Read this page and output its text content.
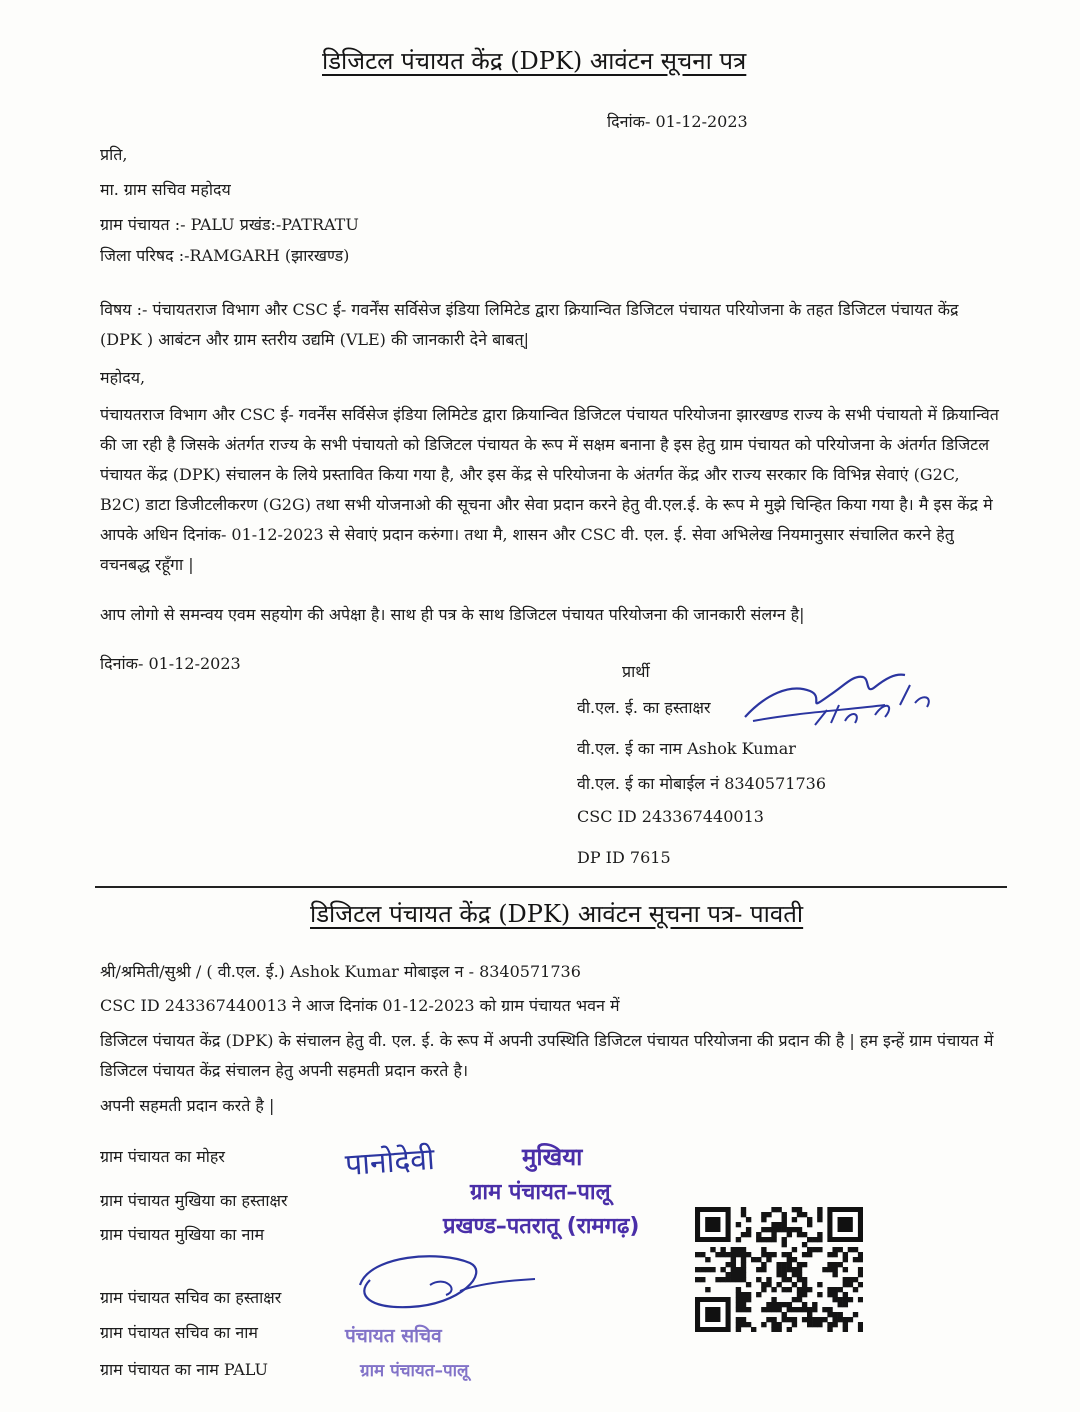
डिजिटल पंचायत केंद्र (DPK) आवंटन सूचना पत्र
दिनांक- 01-12-2023
प्रति,
मा. ग्राम सचिव महोदय
ग्राम पंचायत :- PALU प्रखंड:-PATRATU
जिला परिषद :-RAMGARH (झारखण्ड)
विषय :- पंचायतराज विभाग और CSC ई- गवर्नेंस सर्विसेज इंडिया लिमिटेड द्वारा क्रियान्वित डिजिटल पंचायत परियोजना के तहत डिजिटल पंचायत केंद्र (DPK ) आबंटन और ग्राम स्तरीय उद्यमि (VLE) की जानकारी देने बाबत्|
महोदय,
पंचायतराज विभाग और CSC ई- गवर्नेंस सर्विसेज इंडिया लिमिटेड द्वारा क्रियान्वित डिजिटल पंचायत परियोजना झारखण्ड राज्य के सभी पंचायतो में क्रियान्वित की जा रही है जिसके अंतर्गत राज्य के सभी पंचायतो को डिजिटल पंचायत के रूप में सक्षम बनाना है इस हेतु ग्राम पंचायत को परियोजना के अंतर्गत डिजिटल पंचायत केंद्र (DPK) संचालन के लिये प्रस्तावित किया गया है, और इस केंद्र से परियोजना के अंतर्गत केंद्र और राज्य सरकार कि विभिन्न सेवाएं (G2C, B2C) डाटा डिजीटलीकरण (G2G) तथा सभी योजनाओ की सूचना और सेवा प्रदान करने हेतु वी.एल.ई. के रूप मे मुझे चिन्हित किया गया है। मै इस केंद्र मे आपके अधिन दिनांक- 01-12-2023 से सेवाएं प्रदान करुंगा। तथा मै, शासन और CSC वी. एल. ई. सेवा अभिलेख नियमानुसार संचालित करने हेतु वचनबद्ध रहूँगा |
आप लोगो से समन्वय एवम सहयोग की अपेक्षा है। साथ ही पत्र के साथ डिजिटल पंचायत परियोजना की जानकारी संलग्न है|
दिनांक- 01-12-2023	प्रार्थी
वी.एल. ई. का हस्ताक्षर
वी.एल. ई का नाम Ashok Kumar
वी.एल. ई का मोबाईल नं 8340571736
CSC ID 243367440013
DP ID 7615
डिजिटल पंचायत केंद्र (DPK) आवंटन सूचना पत्र- पावती
श्री/श्रमिती/सुश्री / ( वी.एल. ई.) Ashok Kumar मोबाइल न - 8340571736
CSC ID 243367440013 ने आज दिनांक 01-12-2023 को ग्राम पंचायत भवन में
डिजिटल पंचायत केंद्र (DPK) के संचालन हेतु वी. एल. ई. के रूप में अपनी उपस्थिति डिजिटल पंचायत परियोजना की प्रदान की है | हम इन्हें ग्राम पंचायत में डिजिटल पंचायत केंद्र संचालन हेतु अपनी सहमती प्रदान करते है।
अपनी सहमती प्रदान करते है |
ग्राम पंचायत का मोहर
ग्राम पंचायत मुखिया का हस्ताक्षर
ग्राम पंचायत मुखिया का नाम
ग्राम पंचायत सचिव का हस्ताक्षर
ग्राम पंचायत सचिव का नाम
ग्राम पंचायत का नाम PALU
पानोदेवी	मुखिया
ग्राम पंचायत–पालू
प्रखण्ड–पतरातू (रामगढ़)
पंचायत सचिव
ग्राम पंचायत–पालू
